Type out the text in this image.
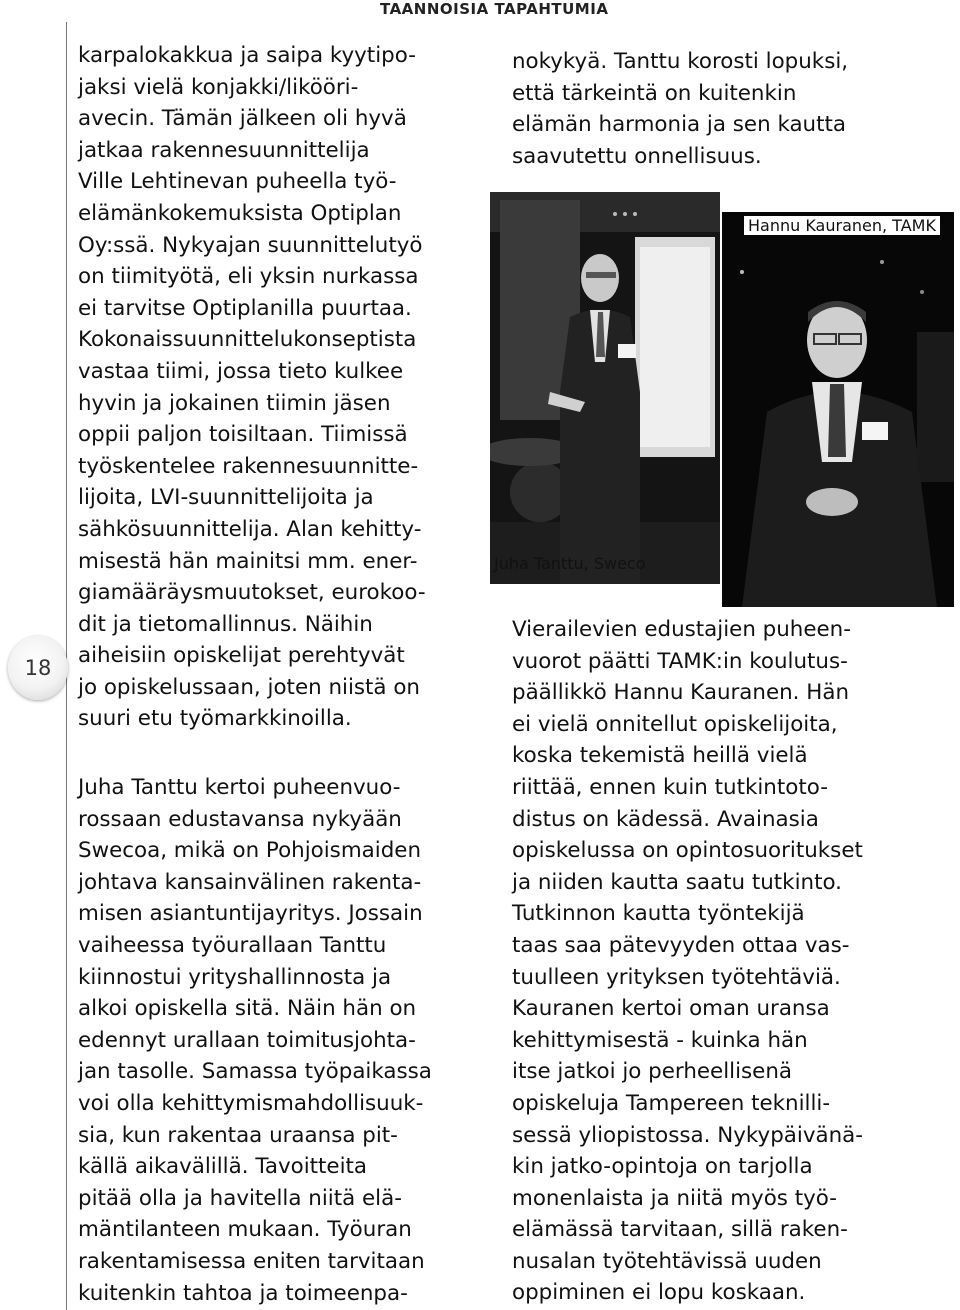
TAANNOISIA TAPAHTUMIA
18
karpalokakkua ja saipa kyytipo-
jaksi vielä konjakki/likööri-
avecin. Tämän jälkeen oli hyvä
jatkaa rakennesuunnittelija
Ville Lehtinevan puheella työ-
elämänkokemuksista Optiplan
Oy:ssä. Nykyajan suunnittelutyö
on tiimityötä, eli yksin nurkassa
ei tarvitse Optiplanilla puurtaa.
Kokonaissuunnittelukonseptista
vastaa tiimi, jossa tieto kulkee
hyvin ja jokainen tiimin jäsen
oppii paljon toisiltaan. Tiimissä
työskentelee rakennesuunnitte-
lijoita, LVI-suunnittelijoita ja
sähkösuunnittelija. Alan kehitty-
misestä hän mainitsi mm. ener-
giamääräysmuutokset, eurokoo-
dit ja tietomallinnus. Näihin
aiheisiin opiskelijat perehtyvät
jo opiskelussaan, joten niistä on
suuri etu työmarkkinoilla.
Juha Tanttu kertoi puheenvuo-
rossaan edustavansa nykyään
Swecoa, mikä on Pohjoismaiden
johtava kansainvälinen rakenta-
misen asiantuntijayritys. Jossain
vaiheessa työurallaan Tanttu
kiinnostui yrityshallinnosta ja
alkoi opiskella sitä. Näin hän on
edennyt urallaan toimitusjohta-
jan tasolle. Samassa työpaikassa
voi olla kehittymismahdollisuuk-
sia, kun rakentaa uraansa pit-
källä aikavälillä. Tavoitteita
pitää olla ja havitella niitä elä-
mäntilanteen mukaan. Työuran
rakentamisessa eniten tarvitaan
kuitenkin tahtoa ja toimeenpa-
nokykyä. Tanttu korosti lopuksi,
että tärkeintä on kuitenkin
elämän harmonia ja sen kautta
saavutettu onnellisuus.
Vierailevien edustajien puheen-
vuorot päätti TAMK:in koulutus-
päällikkö Hannu Kauranen. Hän
ei vielä onnitellut opiskelijoita,
koska tekemistä heillä vielä
riittää, ennen kuin tutkintoto-
distus on kädessä. Avainasia
opiskelussa on opintosuoritukset
ja niiden kautta saatu tutkinto.
Tutkinnon kautta työntekijä
taas saa pätevyyden ottaa vas-
tuulleen yrityksen työtehtäviä.
Kauranen kertoi oman uransa
kehittymisestä - kuinka hän
itse jatkoi jo perheellisenä
opiskeluja Tampereen teknilli-
sessä yliopistossa. Nykypäivänä-
kin jatko-opintoja on tarjolla
monenlaista ja niitä myös työ-
elämässä tarvitaan, sillä raken-
nusalan työtehtävissä uuden
oppiminen ei lopu koskaan.
Juha Tanttu, Sweco
Hannu Kauranen, TAMK
